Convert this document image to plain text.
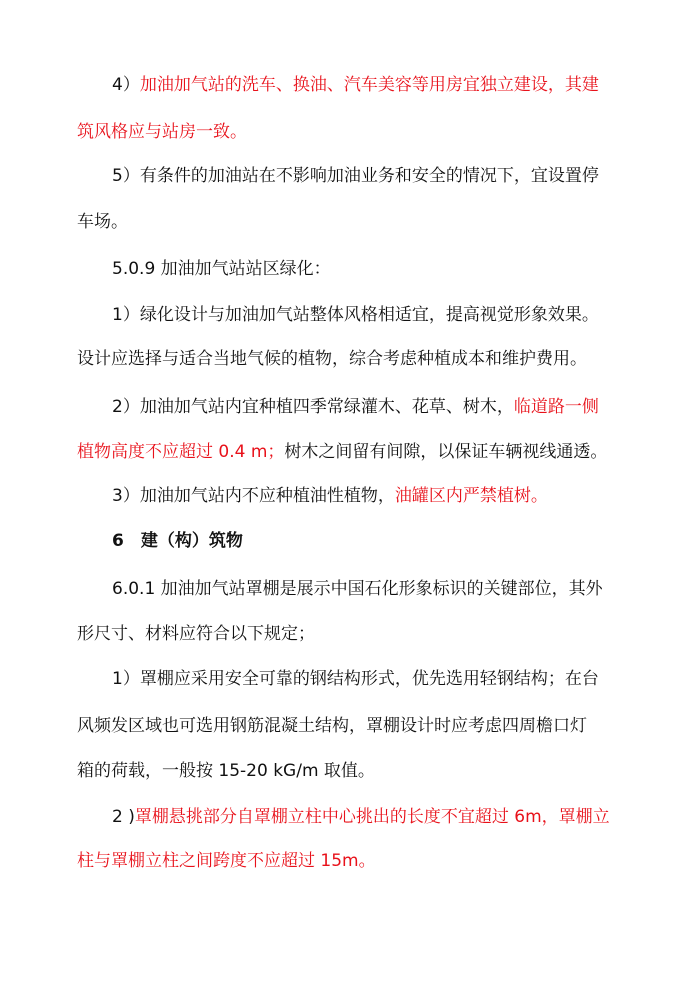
4）加油加气站的洗车、换油、汽车美容等用房宜独立建设，其建
筑风格应与站房一致。
5）有条件的加油站在不影响加油业务和安全的情况下，宜设置停
车场。
5.0.9 加油加气站站区绿化：
1）绿化设计与加油加气站整体风格相适宜，提高视觉形象效果。
设计应选择与适合当地气候的植物，综合考虑种植成本和维护费用。
2）加油加气站内宜种植四季常绿灌木、花草、树木，临道路一侧
植物高度不应超过 0.4 m；树木之间留有间隙，以保证车辆视线通透。
3）加油加气站内不应种植油性植物，油罐区内严禁植树。
6　建（构）筑物
6.0.1 加油加气站罩棚是展示中国石化形象标识的关键部位，其外
形尺寸、材料应符合以下规定；
1）罩棚应采用安全可靠的钢结构形式，优先选用轻钢结构；在台
风频发区域也可选用钢筋混凝土结构，罩棚设计时应考虑四周檐口灯
箱的荷载，一般按 15-20 kG/m 取值。
2 )罩棚悬挑部分自罩棚立柱中心挑出的长度不宜超过 6m，罩棚立
柱与罩棚立柱之间跨度不应超过 15m。
